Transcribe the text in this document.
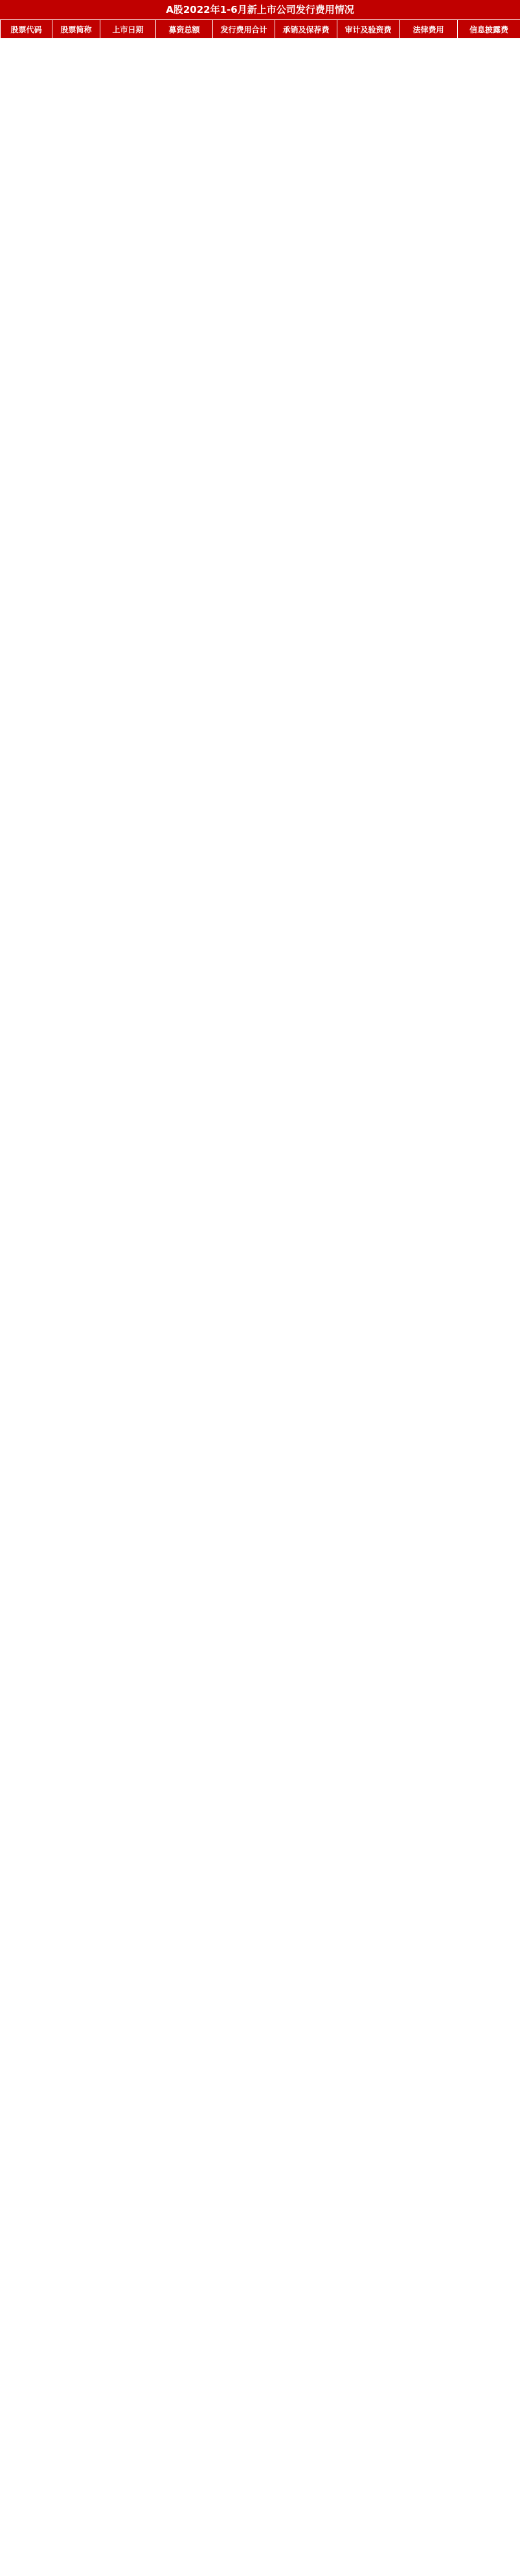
A股2022年1-6月新上市公司发行费用情况
股票代码	股票简称	上市日期	募资总额	发行费用合计	承销及保荐费	审计及验资费	法律费用	信息披露费
